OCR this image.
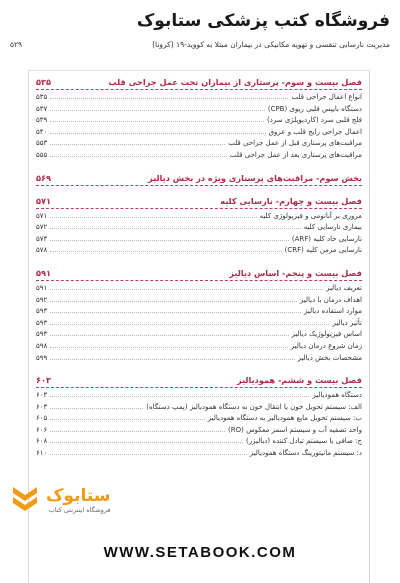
فروشگاه کتب پزشکی ستابوک
مدیریت نارسایی تنفسی و تهویه مکانیکی در بیماران مبتلا به کووید-۱۹ (کرونا)
۵۲۹
فصل بیست و سوم- پرستاری از بیماران تحت عمل جراحی قلب
۵۳۵
انواع اعمال جراحی قلب
۵۳۵
دستگاه بایپس قلبی ریوی (CPB)
۵۳۷
فلج قلبی سرد (کاردیوپلژی سرد)
۵۳۹
اعمال جراحی رایج قلب و عروق
۵۴۰
مراقبت‌های پرستاری قبل از عمل جراحی قلب
۵۵۳
مراقبت‌های پرستاری بعد از عمل جراحی قلب
۵۵۵
بخش سوم- مراقبت‌های پرستاری ویژه در بخش دیالیز
۵۶۹
فصل بیست و چهارم- نارسایی کلیه
۵۷۱
مروری بر آناتومی و فیزیولوژی کلیه
۵۷۱
بیماری نارسایی کلیه
۵۷۲
نارسایی حاد کلیه (ARF)
۵۷۳
نارسایی مزمن کلیه (CRF)
۵۷۸
فصل بیست و پنجم- اساس دیالیز
۵۹۱
تعریف دیالیز
۵۹۱
اهداف درمان با دیالیز
۵۹۲
موارد استفاده دیالیز
۵۹۳
تأثیر دیالیز
۵۹۳
اساس فیزیولوژیک دیالیز
۵۹۴
زمان شروع درمان دیالیز
۵۹۸
مشخصات بخش دیالیز
۵۹۹
فصل بیست و ششم- همودیالیز
۶۰۳
دستگاه همودیالیز
۶۰۳
الف: سیستم تحویل خون یا انتقال خون به دستگاه همودیالیز (پمپ دستگاه)
۶۰۳
ب: سیستم تحویل مایع همودیالیز به دستگاه همودیالیز
۶۰۵
واحد تصفیه آب و سیستم اسمز معکوس (RO)
۶۰۶
ج: صافی یا سیستم تبادل کننده (دیالیزر)
۶۰۸
د: سیستم مانیتورینگ دستگاه همودیالیز
۶۱۰
ستابوک
فروشگاه اینترنتی کتاب
WWW.SETABOOK.COM
